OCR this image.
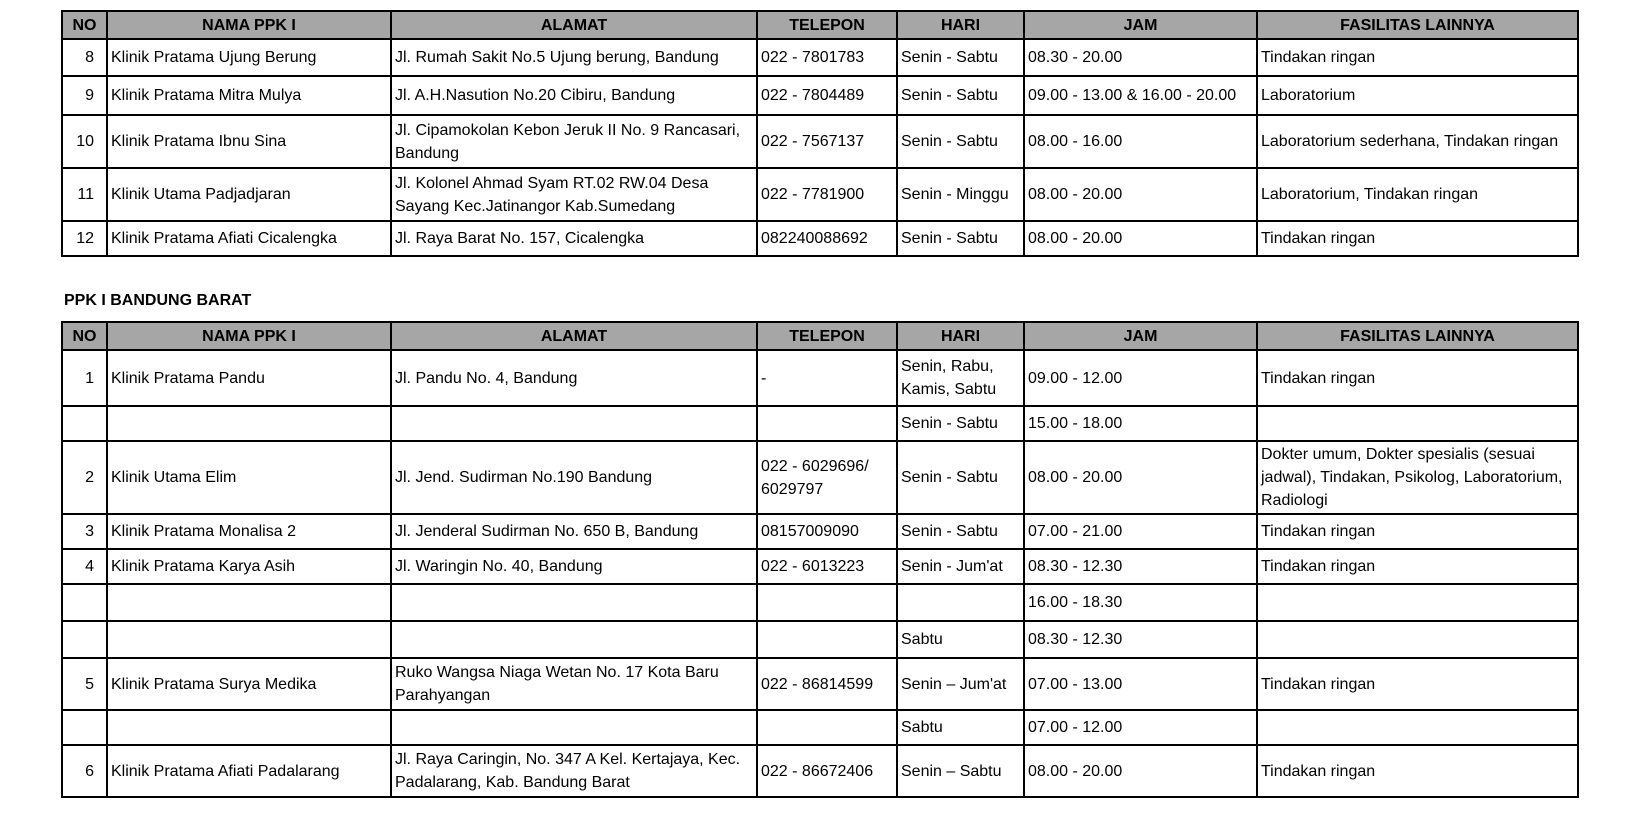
NO	NAMA PPK I	ALAMAT	TELEPON	HARI	JAM	FASILITAS LAINNYA
8	Klinik Pratama Ujung Berung	Jl. Rumah Sakit No.5 Ujung berung, Bandung	022 - 7801783	Senin - Sabtu	08.30 - 20.00	Tindakan ringan
9	Klinik Pratama Mitra Mulya	Jl. A.H.Nasution No.20 Cibiru, Bandung	022 - 7804489	Senin - Sabtu	09.00 - 13.00 & 16.00 - 20.00	Laboratorium
10	Klinik Pratama Ibnu Sina	Jl. Cipamokolan Kebon Jeruk II No. 9 Rancasari, Bandung	022 - 7567137	Senin - Sabtu	08.00 - 16.00	Laboratorium sederhana, Tindakan ringan
11	Klinik Utama Padjadjaran	Jl. Kolonel Ahmad Syam RT.02 RW.04 Desa Sayang Kec.Jatinangor Kab.Sumedang	022 - 7781900	Senin - Minggu	08.00 - 20.00	Laboratorium, Tindakan ringan
12	Klinik Pratama Afiati Cicalengka	Jl. Raya Barat No. 157, Cicalengka	082240088692	Senin - Sabtu	08.00 - 20.00	Tindakan ringan
PPK I BANDUNG BARAT
NO	NAMA PPK I	ALAMAT	TELEPON	HARI	JAM	FASILITAS LAINNYA
1	Klinik Pratama Pandu	Jl. Pandu No. 4, Bandung	-	Senin, Rabu, Kamis, Sabtu	09.00 - 12.00	Tindakan ringan
				Senin - Sabtu	15.00 - 18.00	
2	Klinik Utama Elim	Jl. Jend. Sudirman No.190 Bandung	022 - 6029696/ 6029797	Senin - Sabtu	08.00 - 20.00	Dokter umum, Dokter spesialis (sesuai jadwal), Tindakan, Psikolog, Laboratorium, Radiologi
3	Klinik Pratama Monalisa 2	Jl. Jenderal Sudirman No. 650 B, Bandung	08157009090	Senin - Sabtu	07.00 - 21.00	Tindakan ringan
4	Klinik Pratama Karya Asih	Jl. Waringin No. 40, Bandung	022 - 6013223	Senin - Jum'at	08.30 - 12.30	Tindakan ringan
					16.00 - 18.30	
				Sabtu	08.30 - 12.30	
5	Klinik Pratama Surya Medika	Ruko Wangsa Niaga Wetan No. 17 Kota Baru Parahyangan	022 - 86814599	Senin – Jum'at	07.00 - 13.00	Tindakan ringan
				Sabtu	07.00 - 12.00	
6	Klinik Pratama Afiati Padalarang	Jl. Raya Caringin, No. 347 A Kel. Kertajaya, Kec. Padalarang, Kab. Bandung Barat	022 - 86672406	Senin – Sabtu	08.00 - 20.00	Tindakan ringan
